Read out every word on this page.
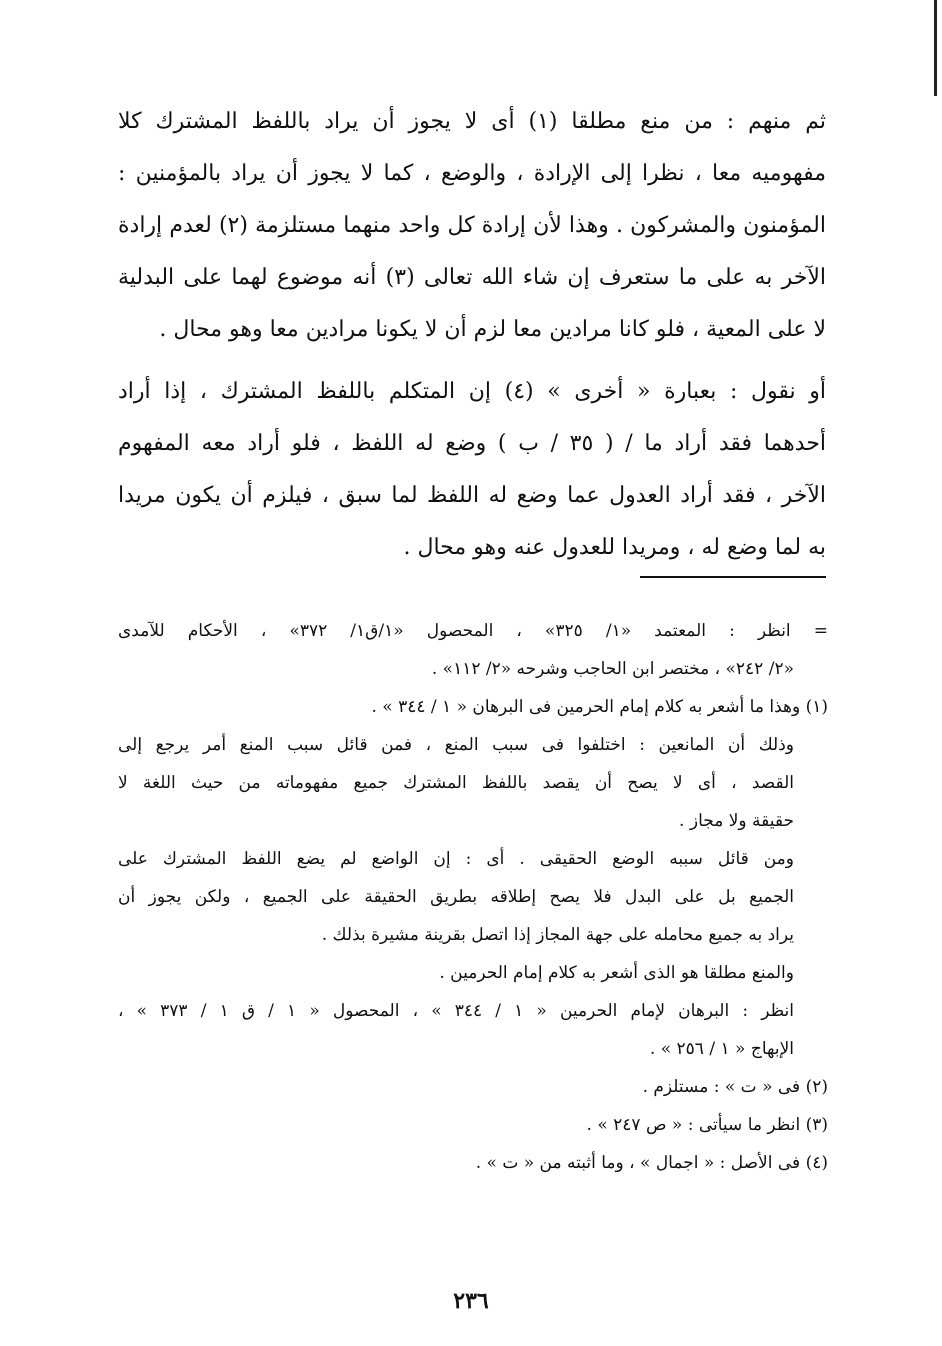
ثم منهم : من منع مطلقا (١) أى لا يجوز أن يراد باللفظ المشترك كلا
مفهوميه معا ، نظرا إلى الإرادة ، والوضع ، كما لا يجوز أن يراد بالمؤمنين :
المؤمنون والمشركون . وهذا لأن إرادة كل واحد منهما مستلزمة (٢) لعدم إرادة
الآخر به على ما ستعرف إن شاء الله تعالى (٣) أنه موضوع لهما على البدلية
لا على المعية ، فلو كانا مرادين معا لزم أن لا يكونا مرادين معا وهو محال .
أو نقول : بعبارة « أخرى » (٤) إن المتكلم باللفظ المشترك ، إذا أراد
أحدهما فقد أراد ما / ( ٣٥ / ب ) وضع له اللفظ ، فلو أراد معه المفهوم
الآخر ، فقد أراد العدول عما وضع له اللفظ لما سبق ، فيلزم أن يكون مريدا
به لما وضع له ، ومريدا للعدول عنه وهو محال .
= انظر : المعتمد «١/ ٣٢٥» ، المحصول «١/ق١/ ٣٧٢» ، الأحكام للآمدى
«٢/ ٢٤٢» ، مختصر ابن الحاجب وشرحه «٢/ ١١٢» .
(١) وهذا ما أشعر به كلام إمام الحرمين فى البرهان « ١ / ٣٤٤ » .
وذلك أن المانعين : اختلفوا فى سبب المنع ، فمن قائل سبب المنع أمر يرجع إلى
القصد ، أى لا يصح أن يقصد باللفظ المشترك جميع مفهوماته من حيث اللغة لا
حقيقة ولا مجاز .
ومن قائل سببه الوضع الحقيقى . أى : إن الواضع لم يضع اللفظ المشترك على
الجميع بل على البدل فلا يصح إطلاقه بطريق الحقيقة على الجميع ، ولكن يجوز أن
يراد به جميع محامله على جهة المجاز إذا اتصل بقرينة مشيرة بذلك .
والمنع مطلقا هو الذى أشعر به كلام إمام الحرمين .
انظر : البرهان لإمام الحرمين « ١ / ٣٤٤ » ، المحصول « ١ / ق ١ / ٣٧٣ » ،
الإبهاج « ١ / ٢٥٦ » .
(٢) فى « ت » : مستلزم .
(٣) انظر ما سيأتى : « ص ٢٤٧ » .
(٤) فى الأصل : « اجمال » ، وما أثبته من « ت » .
٢٣٦
